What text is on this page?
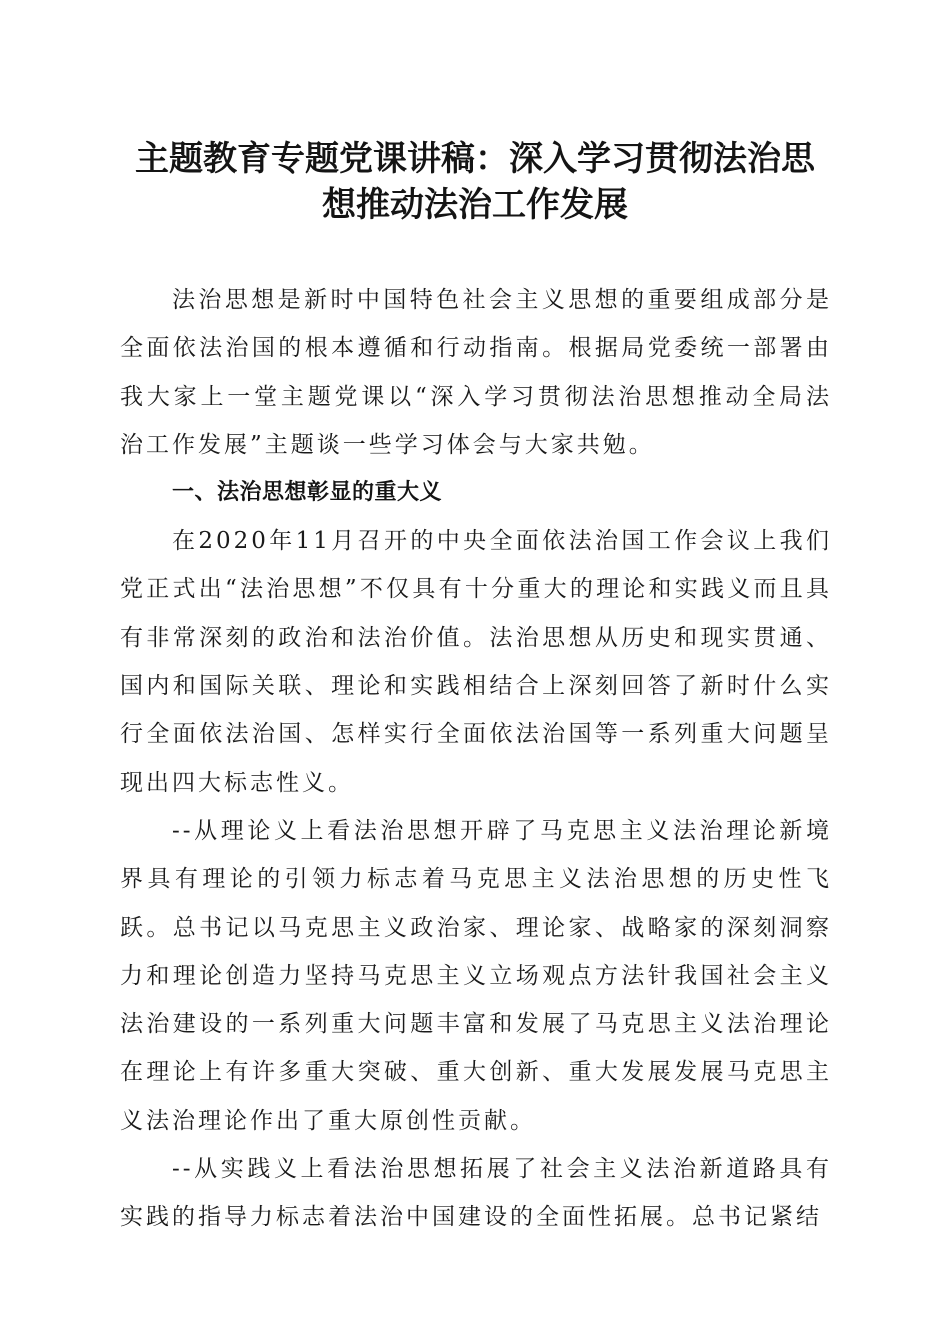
主题教育专题党课讲稿：深入学习贯彻法治思
想推动法治工作发展

法治思想是新时中国特色社会主义思想的重要组成部分是全面依法治国的根本遵循和行动指南。根据局党委统一部署由我大家上一堂主题党课以“深入学习贯彻法治思想推动全局法治工作发展”主题谈一些学习体会与大家共勉。

一、法治思想彰显的重大义

在2020年11月召开的中央全面依法治国工作会议上我们党正式出“法治思想”不仅具有十分重大的理论和实践义而且具有非常深刻的政治和法治价值。法治思想从历史和现实贯通、国内和国际关联、理论和实践相结合上深刻回答了新时什么实行全面依法治国、怎样实行全面依法治国等一系列重大问题呈现出四大标志性义。

--从理论义上看法治思想开辟了马克思主义法治理论新境界具有理论的引领力标志着马克思主义法治思想的历史性飞跃。总书记以马克思主义政治家、理论家、战略家的深刻洞察力和理论创造力坚持马克思主义立场观点方法针我国社会主义法治建设的一系列重大问题丰富和发展了马克思主义法治理论在理论上有许多重大突破、重大创新、重大发展发展马克思主义法治理论作出了重大原创性贡献。

--从实践义上看法治思想拓展了社会主义法治新道路具有实践的指导力标志着法治中国建设的全面性拓展。总书记紧结
